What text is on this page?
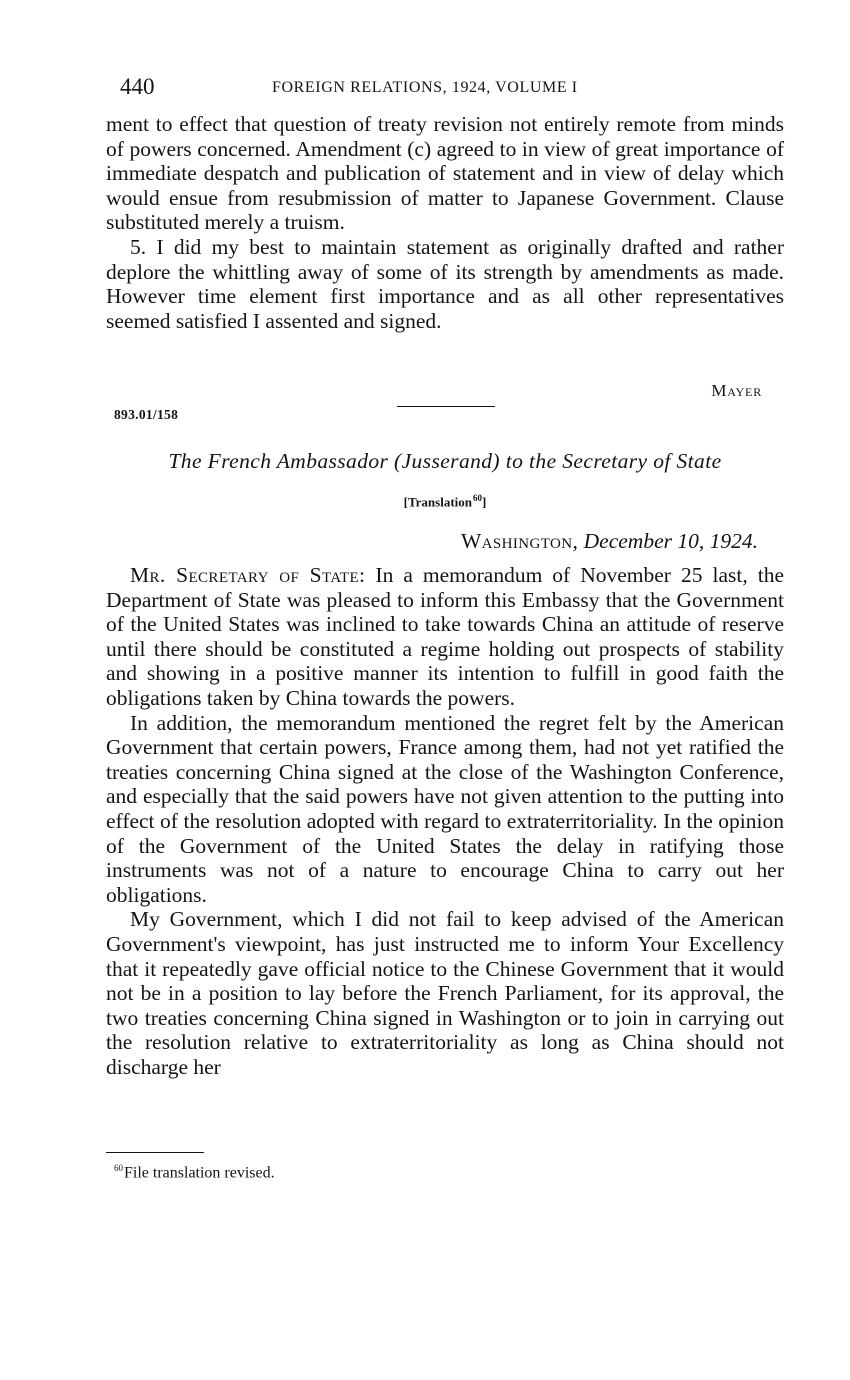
440	FOREIGN RELATIONS, 1924, VOLUME I

ment to effect that question of treaty revision not entirely remote from minds of powers concerned. Amendment (c) agreed to in view of great importance of immediate despatch and publication of statement and in view of delay which would ensue from resubmission of matter to Japanese Government. Clause substituted merely a truism.

5. I did my best to maintain statement as originally drafted and rather deplore the whittling away of some of its strength by amendments as made. However time element first importance and as all other representatives seemed satisfied I assented and signed.

Mayer
893.01/158
The French Ambassador (Jusserand) to the Secretary of State
[Translation$^{60}$]
Washington, December 10, 1924.

Mr. Secretary of State: In a memorandum of November 25 last, the Department of State was pleased to inform this Embassy that the Government of the United States was inclined to take towards China an attitude of reserve until there should be constituted a regime holding out prospects of stability and showing in a positive manner its intention to fulfill in good faith the obligations taken by China towards the powers.

In addition, the memorandum mentioned the regret felt by the American Government that certain powers, France among them, had not yet ratified the treaties concerning China signed at the close of the Washington Conference, and especially that the said powers have not given attention to the putting into effect of the resolution adopted with regard to extraterritoriality. In the opinion of the Government of the United States the delay in ratifying those instruments was not of a nature to encourage China to carry out her obligations.

My Government, which I did not fail to keep advised of the American Government's viewpoint, has just instructed me to inform Your Excellency that it repeatedly gave official notice to the Chinese Government that it would not be in a position to lay before the French Parliament, for its approval, the two treaties concerning China signed in Washington or to join in carrying out the resolution relative to extraterritoriality as long as China should not discharge her

$^{60}$File translation revised.
